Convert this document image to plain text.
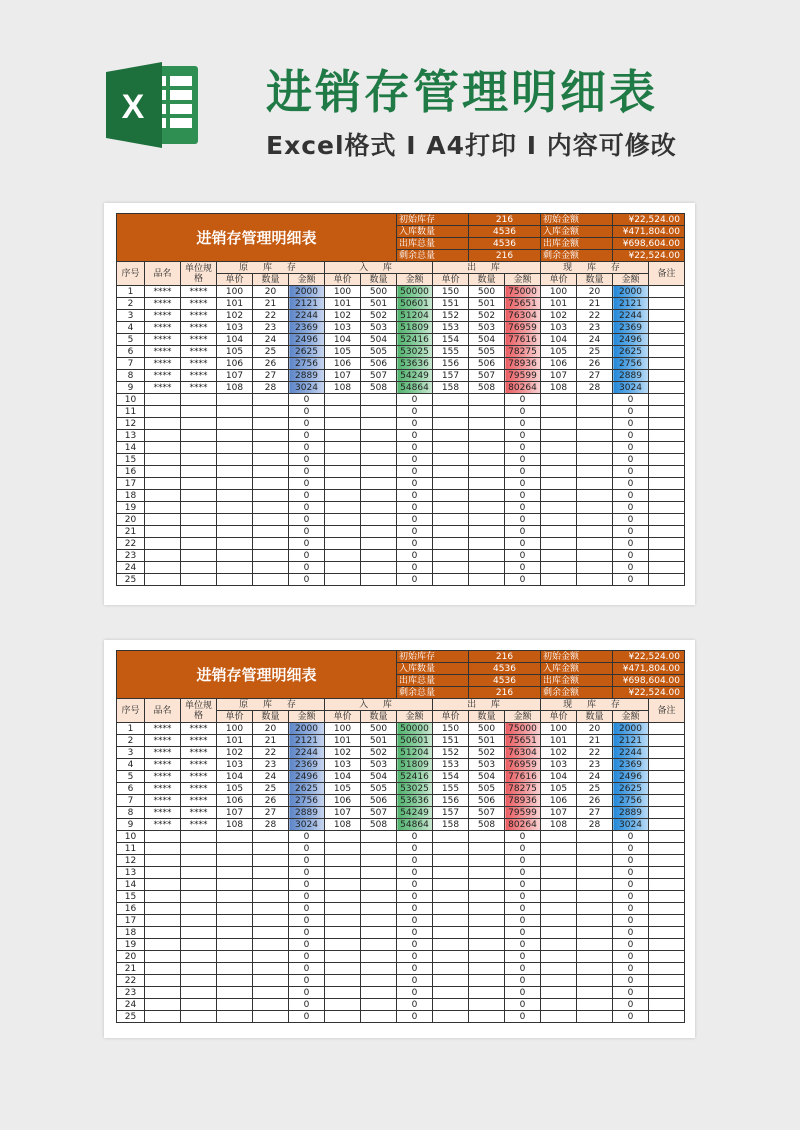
X	进销存管理明细表
Excel格式 I A4打印 I 内容可修改
进销存管理明细表								初始库存		216		初始金额		¥22,524.00	
								入库数量		4536		入库金额		¥471,804.00	
								出库总量		4536		出库金额		¥698,604.00	
								剩余总量		216		剩余金额		¥22,524.00	
序号	品名	单位规格	原 库 存			入 库			出 库			现 库 存			备注
			单价	数量	金额	单价	数量	金额	单价	数量	金额	单价	数量	金额	
1	****	****	100	20	2000	100	500	50000	150	500	75000	100	20	2000	
2	****	****	101	21	2121	101	501	50601	151	501	75651	101	21	2121	
3	****	****	102	22	2244	102	502	51204	152	502	76304	102	22	2244	
4	****	****	103	23	2369	103	503	51809	153	503	76959	103	23	2369	
5	****	****	104	24	2496	104	504	52416	154	504	77616	104	24	2496	
6	****	****	105	25	2625	105	505	53025	155	505	78275	105	25	2625	
7	****	****	106	26	2756	106	506	53636	156	506	78936	106	26	2756	
8	****	****	107	27	2889	107	507	54249	157	507	79599	107	27	2889	
9	****	****	108	28	3024	108	508	54864	158	508	80264	108	28	3024	
10					0			0			0			0	
11					0			0			0			0	
12					0			0			0			0	
13					0			0			0			0	
14					0			0			0			0	
15					0			0			0			0	
16					0			0			0			0	
17					0			0			0			0	
18					0			0			0			0	
19					0			0			0			0	
20					0			0			0			0	
21					0			0			0			0	
22					0			0			0			0	
23					0			0			0			0	
24					0			0			0			0	
25					0			0			0			0	
进销存管理明细表								初始库存		216		初始金额		¥22,524.00	
								入库数量		4536		入库金额		¥471,804.00	
								出库总量		4536		出库金额		¥698,604.00	
								剩余总量		216		剩余金额		¥22,524.00	
序号	品名	单位规格	原 库 存			入 库			出 库			现 库 存			备注
			单价	数量	金额	单价	数量	金额	单价	数量	金额	单价	数量	金额	
1	****	****	100	20	2000	100	500	50000	150	500	75000	100	20	2000	
2	****	****	101	21	2121	101	501	50601	151	501	75651	101	21	2121	
3	****	****	102	22	2244	102	502	51204	152	502	76304	102	22	2244	
4	****	****	103	23	2369	103	503	51809	153	503	76959	103	23	2369	
5	****	****	104	24	2496	104	504	52416	154	504	77616	104	24	2496	
6	****	****	105	25	2625	105	505	53025	155	505	78275	105	25	2625	
7	****	****	106	26	2756	106	506	53636	156	506	78936	106	26	2756	
8	****	****	107	27	2889	107	507	54249	157	507	79599	107	27	2889	
9	****	****	108	28	3024	108	508	54864	158	508	80264	108	28	3024	
10					0			0			0			0	
11					0			0			0			0	
12					0			0			0			0	
13					0			0			0			0	
14					0			0			0			0	
15					0			0			0			0	
16					0			0			0			0	
17					0			0			0			0	
18					0			0			0			0	
19					0			0			0			0	
20					0			0			0			0	
21					0			0			0			0	
22					0			0			0			0	
23					0			0			0			0	
24					0			0			0			0	
25					0			0			0			0	
